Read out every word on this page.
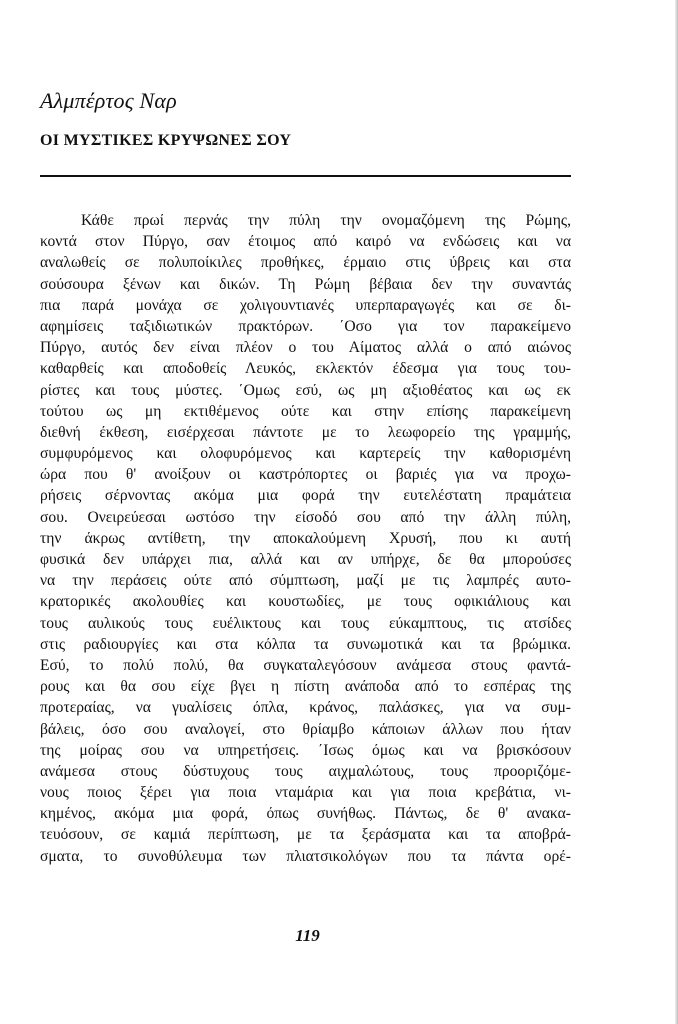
Αλμπέρτος Ναρ
ΟΙ ΜΥΣΤΙΚΕΣ ΚΡΥΨΩΝΕΣ ΣΟΥ
Κάθε πρωί περνάς την πύλη την ονομαζόμενη της Ρώμης,
κοντά στον Πύργο, σαν έτοιμος από καιρό να ενδώσεις και να
αναλωθείς σε πολυποίκιλες προθήκες, έρμαιο στις ύβρεις και στα
σούσουρα ξένων και δικών. Τη Ρώμη βέβαια δεν την συναντάς
πια παρά μονάχα σε χολιγουντιανές υπερπαραγωγές και σε δι-
αφημίσεις ταξιδιωτικών πρακτόρων. ΄Οσο για τον παρακείμενο
Πύργο, αυτός δεν είναι πλέον ο του Αίματος αλλά ο από αιώνος
καθαρθείς και αποδοθείς Λευκός, εκλεκτόν έδεσμα για τους του-
ρίστες και τους μύστες. ΄Ομως εσύ, ως μη αξιοθέατος και ως εκ
τούτου ως μη εκτιθέμενος ούτε και στην επίσης παρακείμενη
διεθνή έκθεση, εισέρχεσαι πάντοτε με το λεωφορείο της γραμμής,
συμφυρόμενος και ολοφυρόμενος και καρτερείς την καθορισμένη
ώρα που θ' ανοίξουν οι καστρόπορτες οι βαριές για να προχω-
ρήσεις σέρνοντας ακόμα μια φορά την ευτελέστατη πραμάτεια
σου. Ονειρεύεσαι ωστόσο την είσοδό σου από την άλλη πύλη,
την άκρως αντίθετη, την αποκαλούμενη Χρυσή, που κι αυτή
φυσικά δεν υπάρχει πια, αλλά και αν υπήρχε, δε θα μπορούσες
να την περάσεις ούτε από σύμπτωση, μαζί με τις λαμπρές αυτο-
κρατορικές ακολουθίες και κουστωδίες, με τους οφικιάλιους και
τους αυλικούς τους ευέλικτους και τους εύκαμπτους, τις ατσίδες
στις ραδιουργίες και στα κόλπα τα συνωμοτικά και τα βρώμικα.
Εσύ, το πολύ πολύ, θα συγκαταλεγόσουν ανάμεσα στους φαντά-
ρους και θα σου είχε βγει η πίστη ανάποδα από το εσπέρας της
προτεραίας, να γυαλίσεις όπλα, κράνος, παλάσκες, για να συμ-
βάλεις, όσο σου αναλογεί, στο θρίαμβο κάποιων άλλων που ήταν
της μοίρας σου να υπηρετήσεις. ΄Ισως όμως και να βρισκόσουν
ανάμεσα στους δύστυχους τους αιχμαλώτους, τους προοριζόμε-
νους ποιος ξέρει για ποια νταμάρια και για ποια κρεβάτια, νι-
κημένος, ακόμα μια φορά, όπως συνήθως. Πάντως, δε θ' ανακα-
τευόσουν, σε καμιά περίπτωση, με τα ξεράσματα και τα αποβρά-
σματα, το συνοθύλευμα των πλιατσικολόγων που τα πάντα ορέ-
119
